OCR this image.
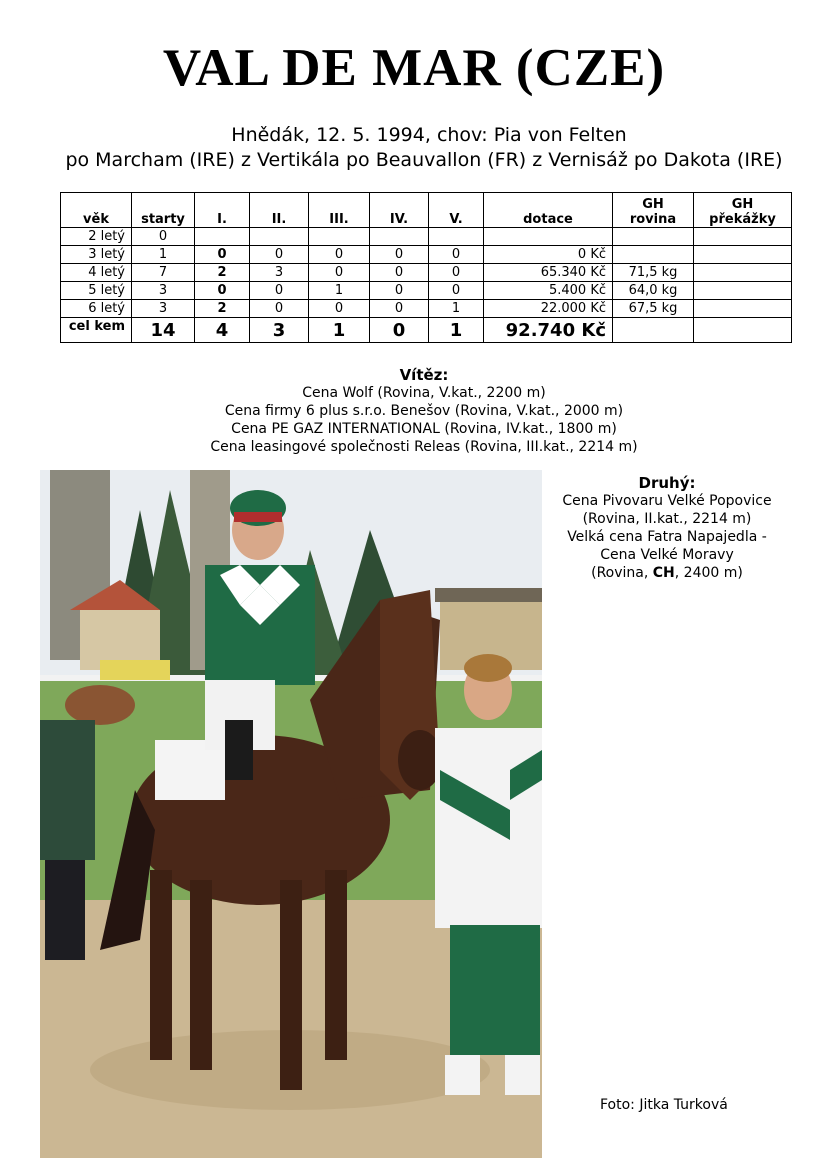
VAL DE MAR (CZE)
Hnědák, 12. 5. 1994, chov: Pia von Felten
po Marcham (IRE) z Vertikála po Beauvallon (FR) z Vernisáž po Dakota (IRE)
věk	starty	I.	II.	III.	IV.	V.	dotace	GH rovina	GH překážky
2 letý	0								
3 letý	1	0	0	0	0	0	0 Kč		
4 letý	7	2	3	0	0	0	65.340 Kč	71,5 kg	
5 letý	3	0	0	1	0	0	5.400 Kč	64,0 kg	
6 letý	3	2	0	0	0	1	22.000 Kč	67,5 kg	
cel kem	14	4	3	1	0	1	92.740 Kč		
Vítěz:
Cena Wolf (Rovina, V.kat., 2200 m)
Cena firmy 6 plus s.r.o. Benešov (Rovina, V.kat., 2000 m)
Cena PE GAZ INTERNATIONAL (Rovina, IV.kat., 1800 m)
Cena leasingové společnosti Releas (Rovina, III.kat., 2214 m)
Druhý:
Cena Pivovaru Velké Popovice
(Rovina, II.kat., 2214 m)
Velká cena Fatra Napajedla -
Cena Velké Moravy
(Rovina, CH, 2400 m)
Foto: Jitka Turková
